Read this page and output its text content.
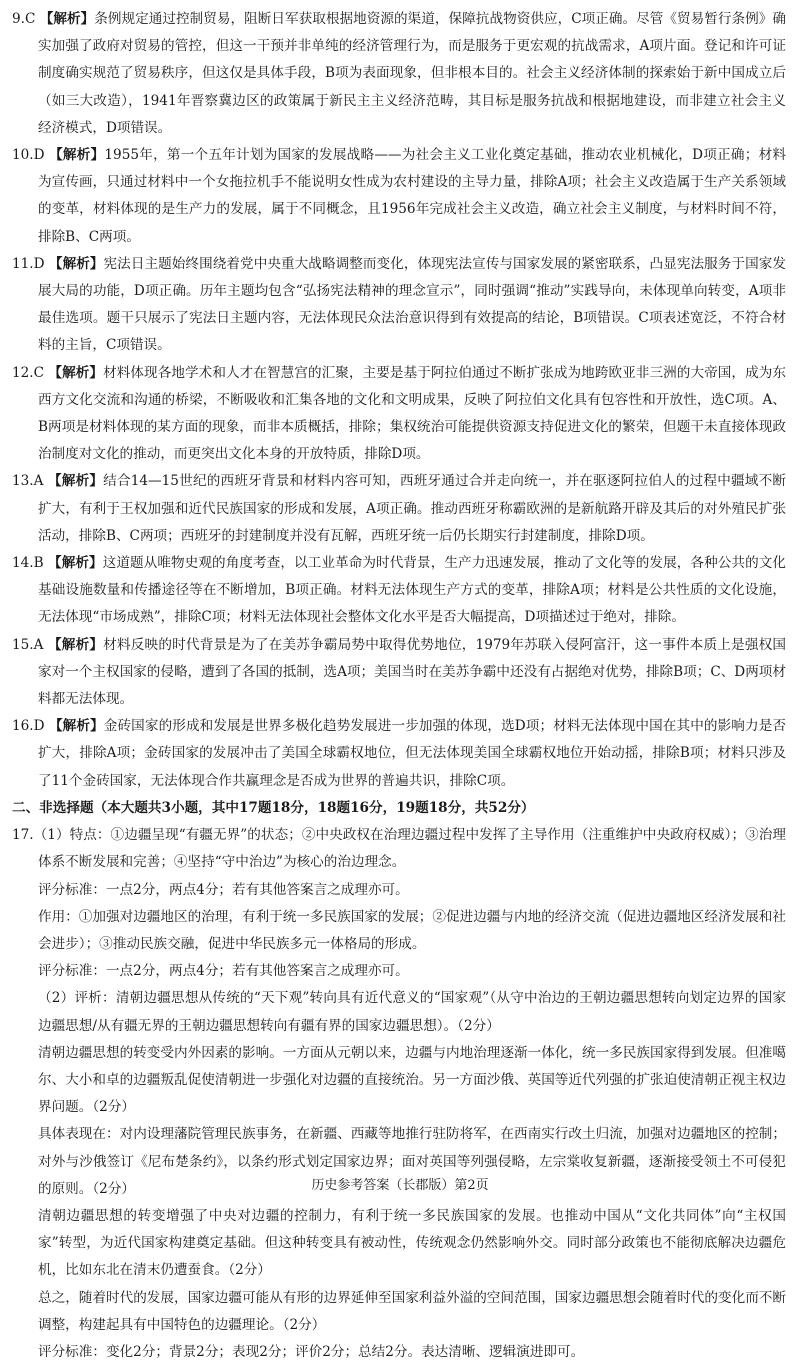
9.C 【解析】条例规定通过控制贸易，阻断日军获取根据地资源的渠道，保障抗战物资供应，C项正确。尽管《贸易暂行条例》确实加强了政府对贸易的管控，但这一干预并非单纯的经济管理行为，而是服务于更宏观的抗战需求，A项片面。登记和许可证制度确实规范了贸易秩序，但这仅是具体手段，B项为表面现象，但非根本目的。社会主义经济体制的探索始于新中国成立后（如三大改造），1941年晋察冀边区的政策属于新民主主义经济范畴，其目标是服务抗战和根据地建设，而非建立社会主义经济模式，D项错误。

10.D 【解析】1955年，第一个五年计划为国家的发展战略——为社会主义工业化奠定基础，推动农业机械化，D项正确；材料为宣传画，只通过材料中一个女拖拉机手不能说明女性成为农村建设的主导力量，排除A项；社会主义改造属于生产关系领域的变革，材料体现的是生产力的发展，属于不同概念，且1956年完成社会主义改造，确立社会主义制度，与材料时间不符，排除B、C两项。

11.D 【解析】宪法日主题始终围绕着党中央重大战略调整而变化，体现宪法宣传与国家发展的紧密联系，凸显宪法服务于国家发展大局的功能，D项正确。历年主题均包含“弘扬宪法精神的理念宣示”，同时强调“推动”实践导向，未体现单向转变，A项非最佳选项。题干只展示了宪法日主题内容，无法体现民众法治意识得到有效提高的结论，B项错误。C项表述宽泛，不符合材料的主旨，C项错误。

12.C 【解析】材料体现各地学术和人才在智慧宫的汇聚，主要是基于阿拉伯通过不断扩张成为地跨欧亚非三洲的大帝国，成为东西方文化交流和沟通的桥梁，不断吸收和汇集各地的文化和文明成果，反映了阿拉伯文化具有包容性和开放性，选C项。A、B两项是材料体现的某方面的现象，而非本质概括，排除；集权统治可能提供资源支持促进文化的繁荣，但题干未直接体现政治制度对文化的推动，而更突出文化本身的开放特质，排除D项。

13.A 【解析】结合14—15世纪的西班牙背景和材料内容可知，西班牙通过合并走向统一，并在驱逐阿拉伯人的过程中疆域不断扩大，有利于王权加强和近代民族国家的形成和发展，A项正确。推动西班牙称霸欧洲的是新航路开辟及其后的对外殖民扩张活动，排除B、C两项；西班牙的封建制度并没有瓦解，西班牙统一后仍长期实行封建制度，排除D项。

14.B 【解析】这道题从唯物史观的角度考查，以工业革命为时代背景，生产力迅速发展，推动了文化等的发展，各种公共的文化基础设施数量和传播途径等在不断增加，B项正确。材料无法体现生产方式的变革，排除A项；材料是公共性质的文化设施，无法体现“市场成熟”，排除C项；材料无法体现社会整体文化水平是否大幅提高，D项描述过于绝对，排除。

15.A 【解析】材料反映的时代背景是为了在美苏争霸局势中取得优势地位，1979年苏联入侵阿富汗，这一事件本质上是强权国家对一个主权国家的侵略，遭到了各国的抵制，选A项；美国当时在美苏争霸中还没有占据绝对优势，排除B项；C、D两项材料都无法体现。

16.D 【解析】金砖国家的形成和发展是世界多极化趋势发展进一步加强的体现，选D项；材料无法体现中国在其中的影响力是否扩大，排除A项；金砖国家的发展冲击了美国全球霸权地位，但无法体现美国全球霸权地位开始动摇，排除B项；材料只涉及了11个金砖国家，无法体现合作共赢理念是否成为世界的普遍共识，排除C项。

二、非选择题（本大题共3小题，其中17题18分，18题16分，19题18分，共52分）

17.（1）特点：①边疆呈现“有疆无界”的状态；②中央政权在治理边疆过程中发挥了主导作用（注重维护中央政府权威）；③治理体系不断发展和完善；④坚持“守中治边”为核心的治边理念。

评分标准：一点2分，两点4分；若有其他答案言之成理亦可。

作用：①加强对边疆地区的治理，有利于统一多民族国家的发展；②促进边疆与内地的经济交流（促进边疆地区经济发展和社会进步）；③推动民族交融，促进中华民族多元一体格局的形成。

评分标准：一点2分，两点4分；若有其他答案言之成理亦可。

（2）评析：清朝边疆思想从传统的“天下观”转向具有近代意义的“国家观”（从守中治边的王朝边疆思想转向划定边界的国家边疆思想/从有疆无界的王朝边疆思想转向有疆有界的国家边疆思想）。（2分）

清朝边疆思想的转变受内外因素的影响。一方面从元朝以来，边疆与内地治理逐渐一体化，统一多民族国家得到发展。但准噶尔、大小和卓的边疆叛乱促使清朝进一步强化对边疆的直接统治。另一方面沙俄、英国等近代列强的扩张迫使清朝正视主权边界问题。（2分）

具体表现在：对内设理藩院管理民族事务，在新疆、西藏等地推行驻防将军，在西南实行改土归流，加强对边疆地区的控制；对外与沙俄签订《尼布楚条约》，以条约形式划定国家边界；面对英国等列强侵略，左宗棠收复新疆，逐渐接受领土不可侵犯的原则。（2分）

清朝边疆思想的转变增强了中央对边疆的控制力，有利于统一多民族国家的发展。也推动中国从“文化共同体”向“主权国家”转型，为近代国家构建奠定基础。但这种转变具有被动性，传统观念仍然影响外交。同时部分政策也不能彻底解决边疆危机，比如东北在清末仍遭蚕食。（2分）

总之，随着时代的发展，国家边疆可能从有形的边界延伸至国家利益外溢的空间范围，国家边疆思想会随着时代的变化而不断调整，构建起具有中国特色的边疆理论。（2分）

评分标准：变化2分；背景2分；表现2分；评价2分；总结2分。表达清晰、逻辑演进即可。

历史参考答案（长郡版）第2页
